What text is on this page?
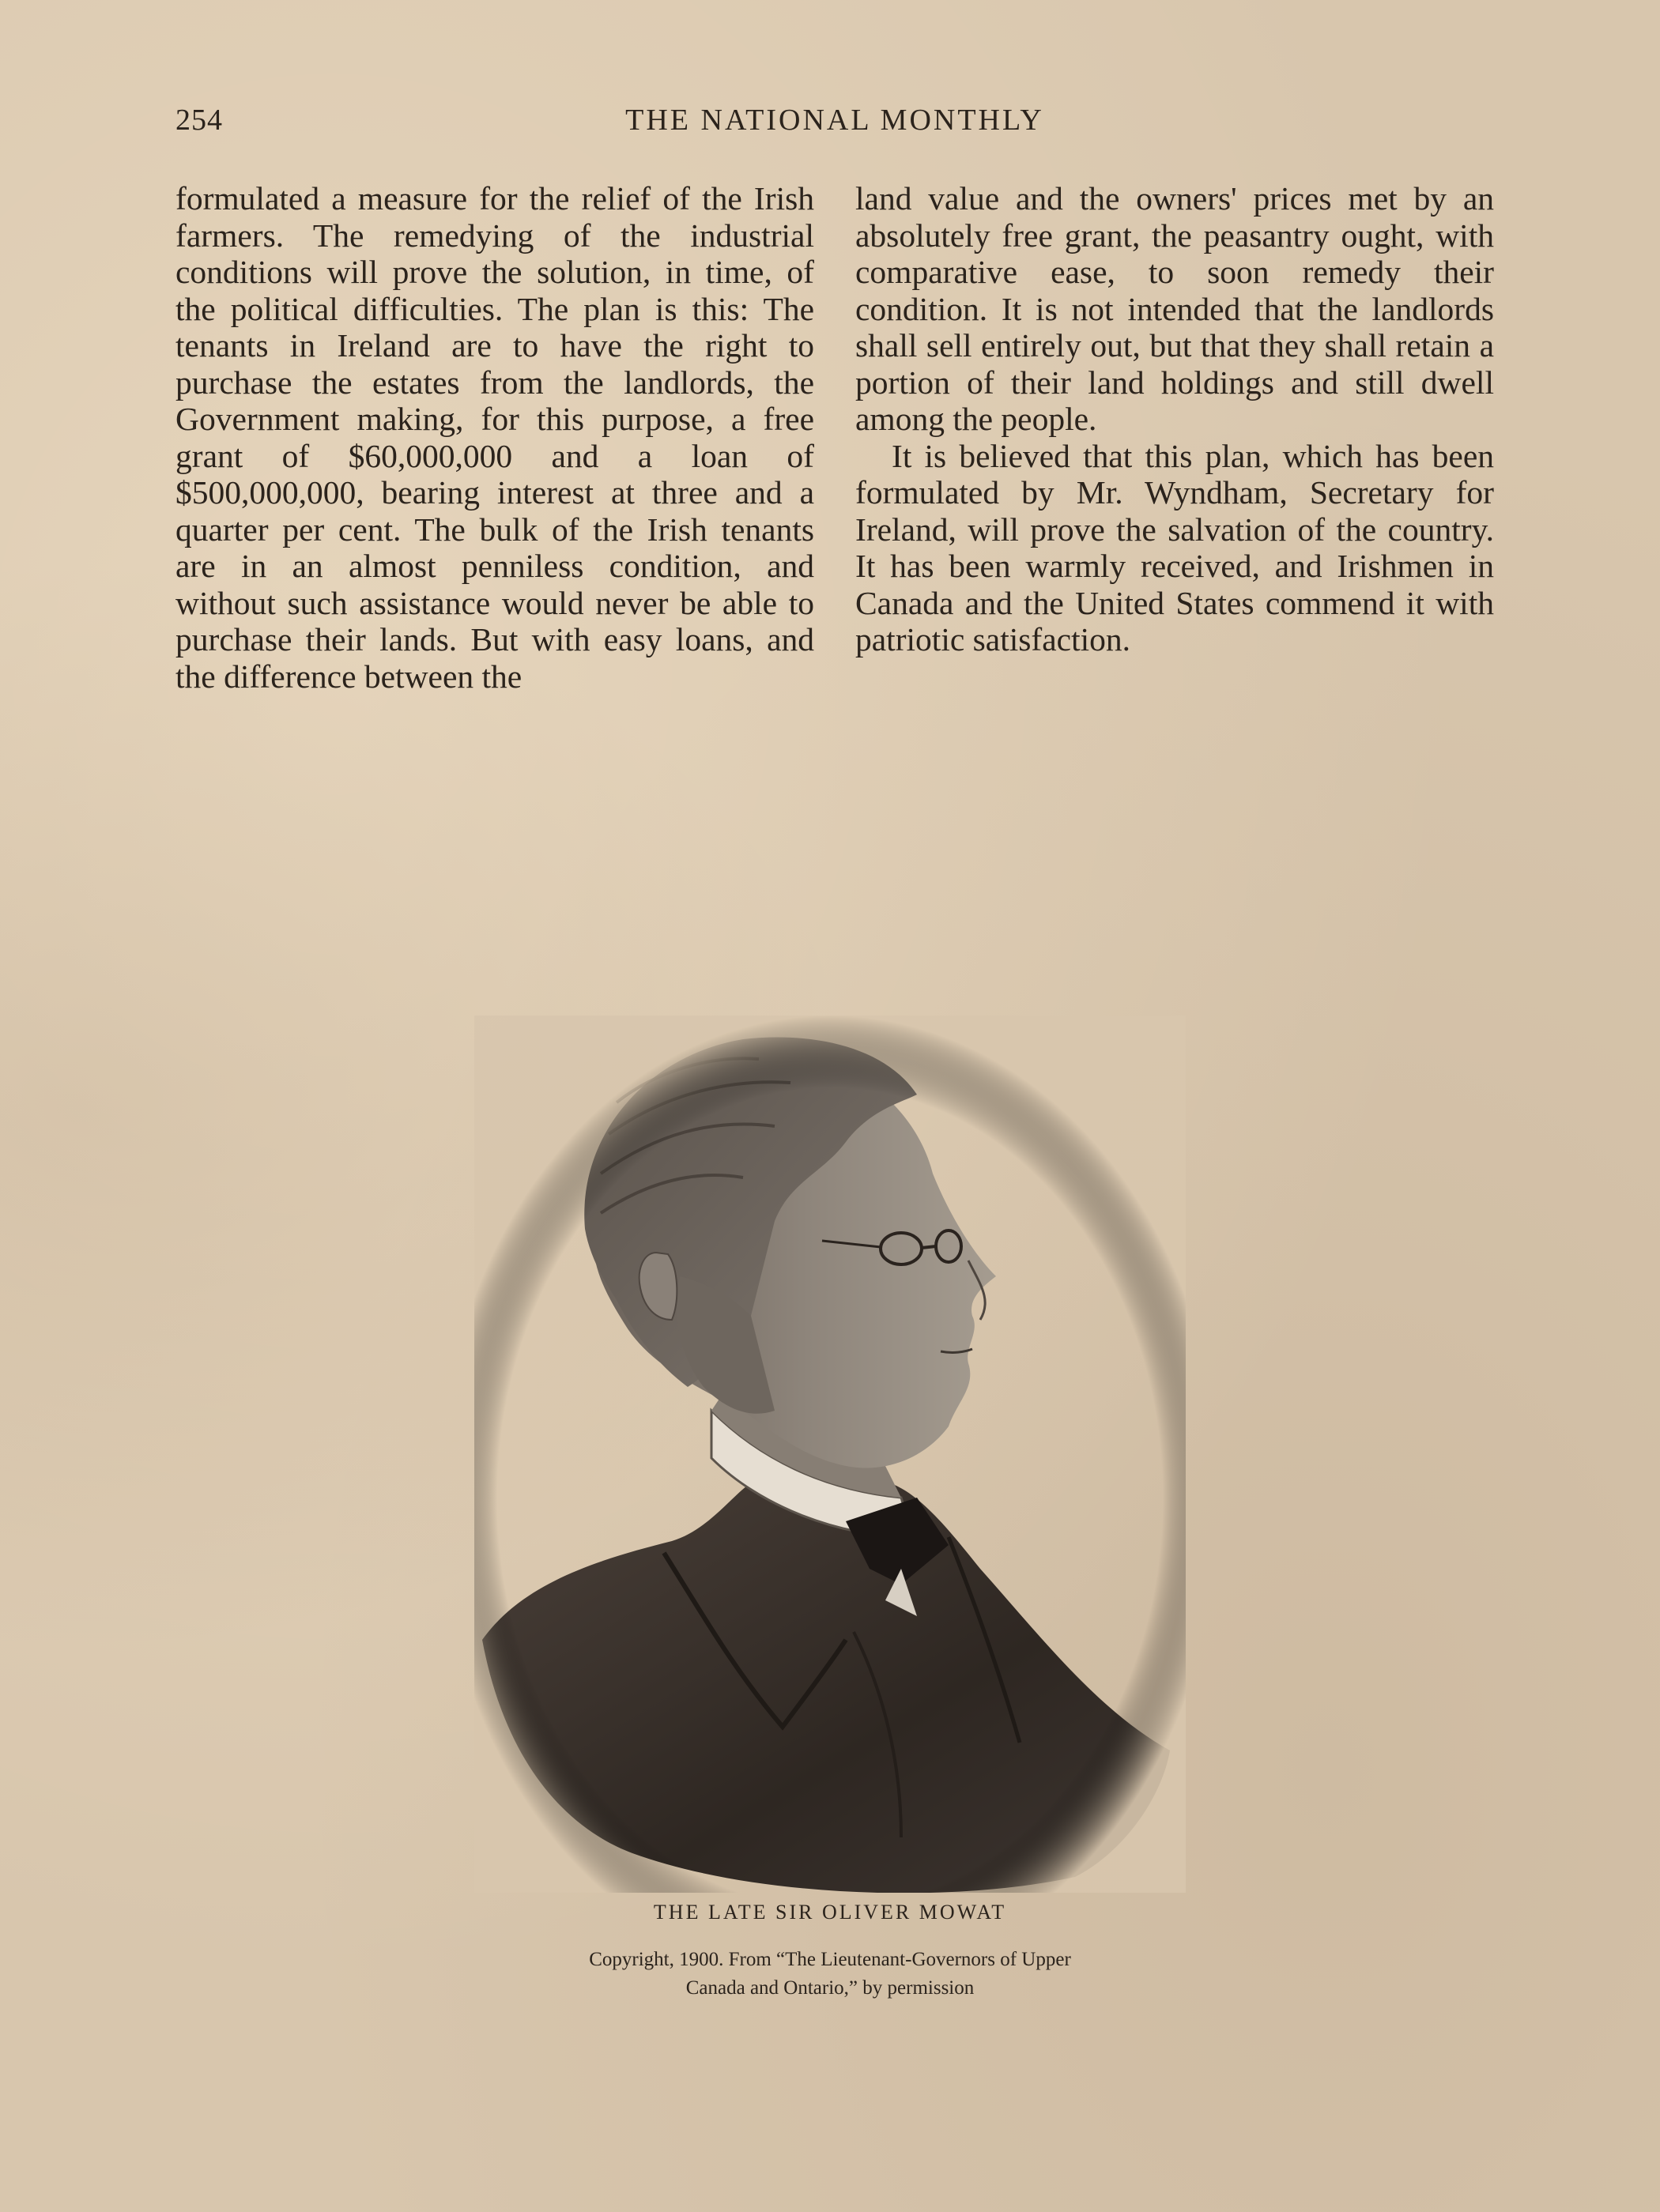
254	THE NATIONAL MONTHLY

formulated a measure for the relief of the Irish farmers. The remedying of the industrial conditions will prove the solution, in time, of the political difficulties. The plan is this: The tenants in Ireland are to have the right to purchase the estates from the landlords, the Government making, for this purpose, a free grant of $60,000,000 and a loan of $500,000,000, bearing interest at three and a quarter per cent. The bulk of the Irish tenants are in an almost penniless condition, and without such assistance would never be able to purchase their lands. But with easy loans, and the difference between the

land value and the owners' prices met by an absolutely free grant, the peasantry ought, with comparative ease, to soon remedy their condition. It is not intended that the landlords shall sell entirely out, but that they shall retain a portion of their land holdings and still dwell among the people.

It is believed that this plan, which has been formulated by Mr. Wyndham, Secretary for Ireland, will prove the salvation of the country. It has been warmly received, and Irishmen in Canada and the United States commend it with patriotic satisfaction.

THE LATE SIR OLIVER MOWAT
Copyright, 1900. From “The Lieutenant-Governors of Upper
Canada and Ontario,” by permission
